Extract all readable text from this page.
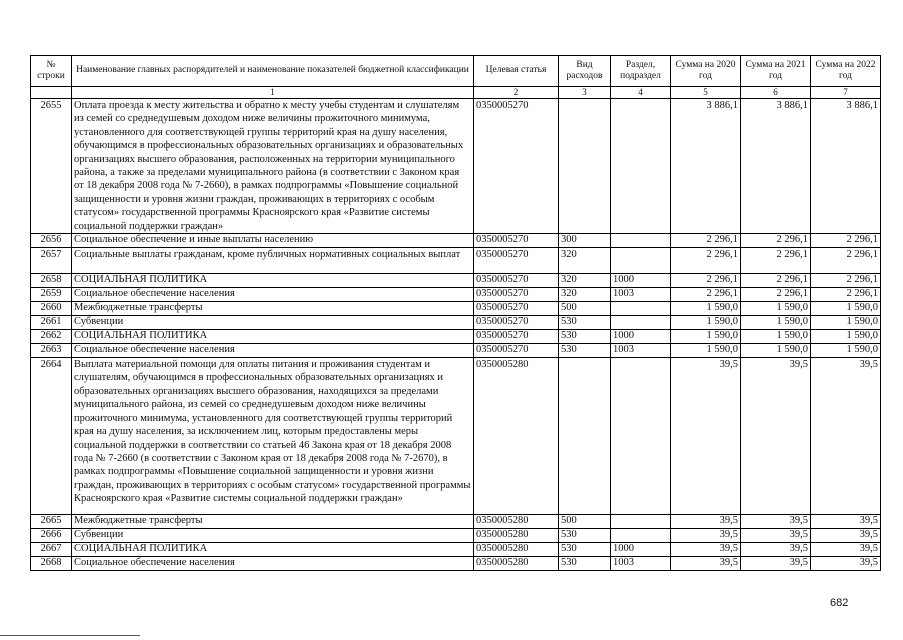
№ строки	Наименование главных распорядителей и наименование показателей бюджетной классификации	Целевая статья	Вид расходов	Раздел, подраздел	Сумма на 2020 год	Сумма на 2021 год	Сумма на 2022 год
	1	2	3	4	5	6	7
2655	Оплата проезда к месту жительства и обратно к месту учебы студентам и слушателям из семей со среднедушевым доходом ниже величины прожиточного минимума, установленного для соответствующей группы территорий края на душу населения, обучающимся в профессиональных образовательных организациях и образовательных организациях высшего образования, расположенных на территории муниципального района, а также за пределами муниципального района (в соответствии с Законом края от 18 декабря 2008 года № 7-2660), в рамках подпрограммы «Повышение социальной защищенности и уровня жизни граждан, проживающих в территориях с особым статусом» государственной программы Красноярского края «Развитие системы социальной поддержки граждан»	0350005270			3 886,1	3 886,1	3 886,1
2656	Социальное обеспечение и иные выплаты населению	0350005270	300		2 296,1	2 296,1	2 296,1
2657	Социальные выплаты гражданам, кроме публичных нормативных социальных выплат	0350005270	320		2 296,1	2 296,1	2 296,1
2658	СОЦИАЛЬНАЯ ПОЛИТИКА	0350005270	320	1000	2 296,1	2 296,1	2 296,1
2659	Социальное обеспечение населения	0350005270	320	1003	2 296,1	2 296,1	2 296,1
2660	Межбюджетные трансферты	0350005270	500		1 590,0	1 590,0	1 590,0
2661	Субвенции	0350005270	530		1 590,0	1 590,0	1 590,0
2662	СОЦИАЛЬНАЯ ПОЛИТИКА	0350005270	530	1000	1 590,0	1 590,0	1 590,0
2663	Социальное обеспечение населения	0350005270	530	1003	1 590,0	1 590,0	1 590,0
2664	Выплата материальной помощи для оплаты питания и проживания студентам и слушателям, обучающимся в профессиональных образовательных организациях и образовательных организациях высшего образования, находящихся за пределами муниципального района, из семей со среднедушевым доходом ниже величины прожиточного минимума, установленного для соответствующей группы территорий края на душу населения, за исключением лиц, которым предоставлены меры социальной поддержки в соответствии со статьей 46 Закона края от 18 декабря 2008 года № 7-2660 (в соответствии с Законом края от 18 декабря 2008 года № 7-2670), в рамках подпрограммы «Повышение социальной защищенности и уровня жизни граждан, проживающих в территориях с особым статусом» государственной программы Красноярского края «Развитие системы социальной поддержки граждан»	0350005280			39,5	39,5	39,5
2665	Межбюджетные трансферты	0350005280	500		39,5	39,5	39,5
2666	Субвенции	0350005280	530		39,5	39,5	39,5
2667	СОЦИАЛЬНАЯ ПОЛИТИКА	0350005280	530	1000	39,5	39,5	39,5
2668	Социальное обеспечение населения	0350005280	530	1003	39,5	39,5	39,5
682
